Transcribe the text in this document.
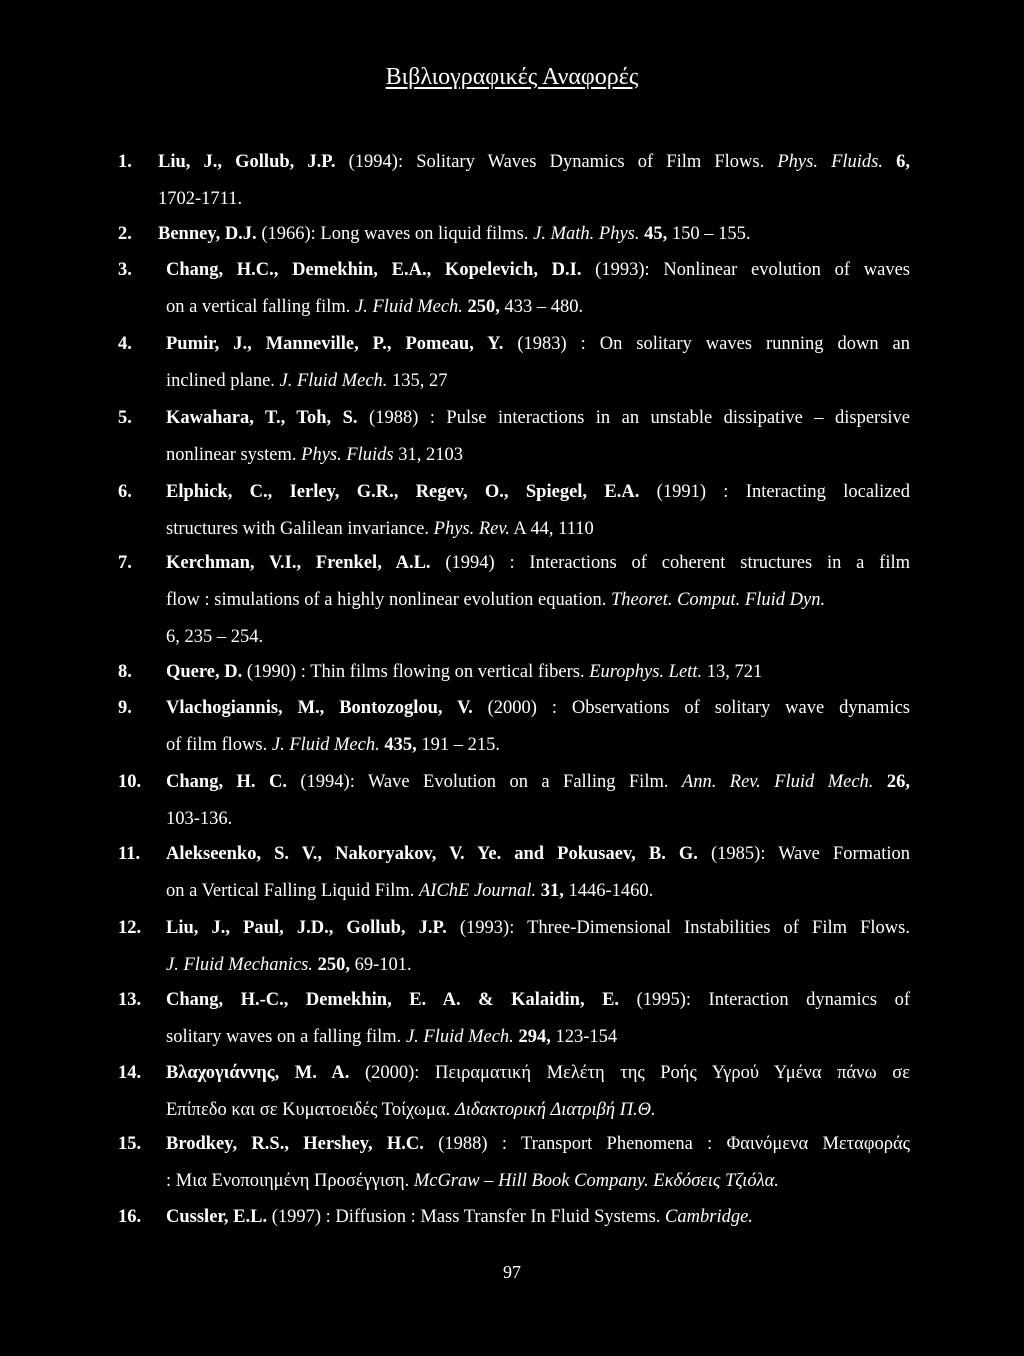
Βιβλιογραφικές Αναφορές
1. Liu, J., Gollub, J.P. (1994): Solitary Waves Dynamics of Film Flows. Phys. Fluids. 6,
1702-1711.
2. Benney, D.J. (1966): Long waves on liquid films. J. Math. Phys. 45, 150 – 155.
3. Chang, H.C., Demekhin, E.A., Kopelevich, D.I. (1993): Nonlinear evolution of waves
on a vertical falling film. J. Fluid Mech. 250, 433 – 480.
4. Pumir, J., Manneville, P., Pomeau, Y. (1983) : On solitary waves running down an
inclined plane. J. Fluid Mech. 135, 27
5. Kawahara, T., Toh, S. (1988) : Pulse interactions in an unstable dissipative – dispersive
nonlinear system. Phys. Fluids 31, 2103
6. Elphick, C., Ierley, G.R., Regev, O., Spiegel, E.A. (1991) : Interacting localized
structures with Galilean invariance. Phys. Rev. A 44, 1110
7. Kerchman, V.I., Frenkel, A.L. (1994) : Interactions of coherent structures in a film
flow : simulations of a highly nonlinear evolution equation. Theoret. Comput. Fluid Dyn.
6, 235 – 254.
8. Quere, D. (1990) : Thin films flowing on vertical fibers. Europhys. Lett. 13, 721
9. Vlachogiannis, M., Bontozoglou, V. (2000) : Observations of solitary wave dynamics
of film flows. J. Fluid Mech. 435, 191 – 215.
10. Chang, H. C. (1994): Wave Evolution on a Falling Film. Ann. Rev. Fluid Mech. 26,
103-136.
11. Alekseenko, S. V., Nakoryakov, V. Ye. and Pokusaev, B. G. (1985): Wave Formation
on a Vertical Falling Liquid Film. AIChE Journal. 31, 1446-1460.
12. Liu, J., Paul, J.D., Gollub, J.P. (1993): Three-Dimensional Instabilities of Film Flows.
J. Fluid Mechanics. 250, 69-101.
13. Chang, H.-C., Demekhin, E. A. & Kalaidin, E. (1995): Interaction dynamics of
solitary waves on a falling film. J. Fluid Mech. 294, 123-154
14. Βλαχογιάννης, Μ. Α. (2000): Πειραματική Μελέτη της Ροής Υγρού Υμένα πάνω σε
Επίπεδο και σε Κυματοειδές Τοίχωμα. Διδακτορική Διατριβή Π.Θ.
15. Brodkey, R.S., Hershey, H.C. (1988) : Transport Phenomena : Φαινόμενα Μεταφοράς
: Μια Ενοποιημένη Προσέγγιση. McGraw – Hill Book Company. Εκδόσεις Τζιόλα.
16. Cussler, E.L. (1997) : Diffusion : Mass Transfer In Fluid Systems. Cambridge.
97
